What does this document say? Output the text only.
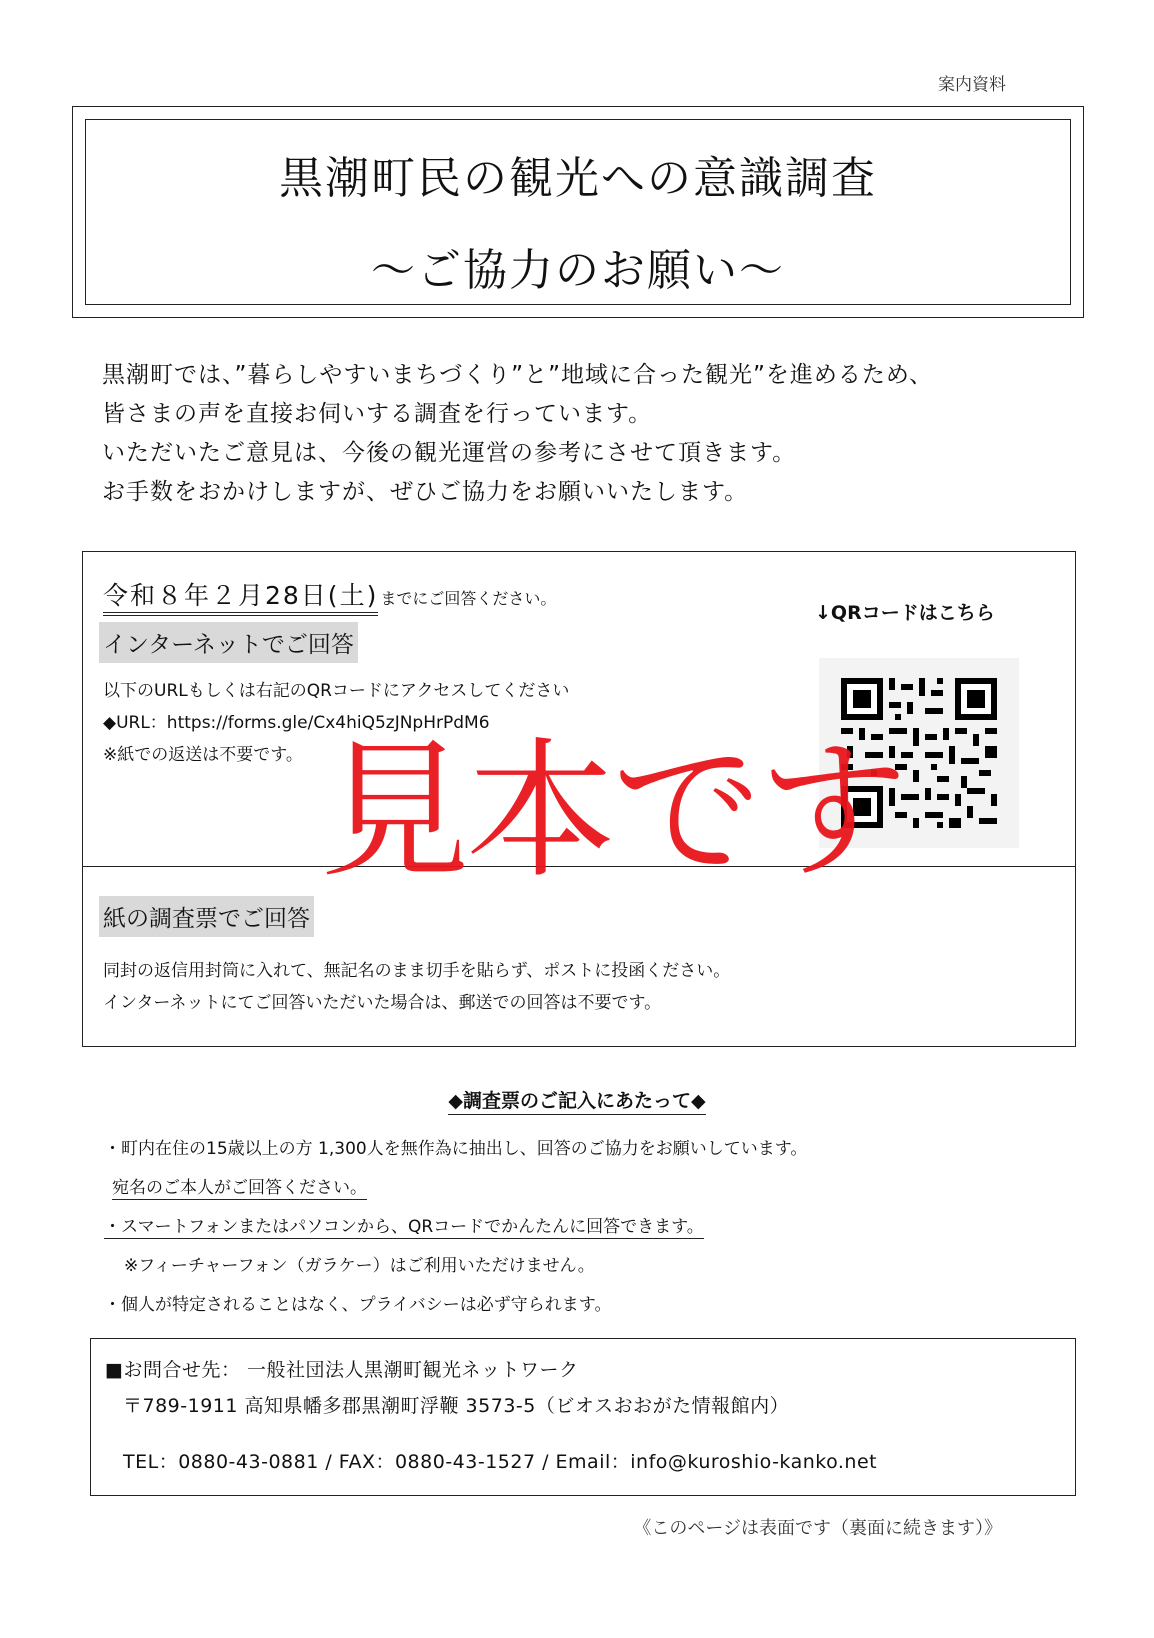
案内資料
黒潮町民の観光への意識調査
～ご協力のお願い～

黒潮町では、”暮らしやすいまちづくり”と”地域に合った観光”を進めるため、

皆さまの声を直接お伺いする調査を行っています。

いただいたご意見は、今後の観光運営の参考にさせて頂きます。

お手数をおかけしますが、ぜひご協力をお願いいたします。

令和８年２月28日(土) までにご回答ください。
↓QRコードはこちら
インターネットでご回答
以下のURLもしくは右記のQRコードにアクセスしてください
◆URL：https://forms.gle/Cx4hiQ5zJNpHrPdM6
※紙での返送は不要です。
紙の調査票でご回答
同封の返信用封筒に入れて、無記名のまま切手を貼らず、ポストに投函ください。
インターネットにてご回答いただいた場合は、郵送での回答は不要です。
◆調査票のご記入にあたって◆
・町内在住の15歳以上の方 1,300人を無作為に抽出し、回答のご協力をお願いしています。
宛名のご本人がご回答ください。
・スマートフォンまたはパソコンから、QRコードでかんたんに回答できます。
※フィーチャーフォン（ガラケー）はご利用いただけません。
・個人が特定されることはなく、プライバシーは必ず守られます。
■お問合せ先： 一般社団法人黒潮町観光ネットワーク
〒789-1911 高知県幡多郡黒潮町浮鞭 3573-5（ビオスおおがた情報館内）
TEL：0880-43-0881 / FAX：0880-43-1527 / Email：info@kuroshio-kanko.net
《このページは表面です（裏面に続きます）》
見本です
